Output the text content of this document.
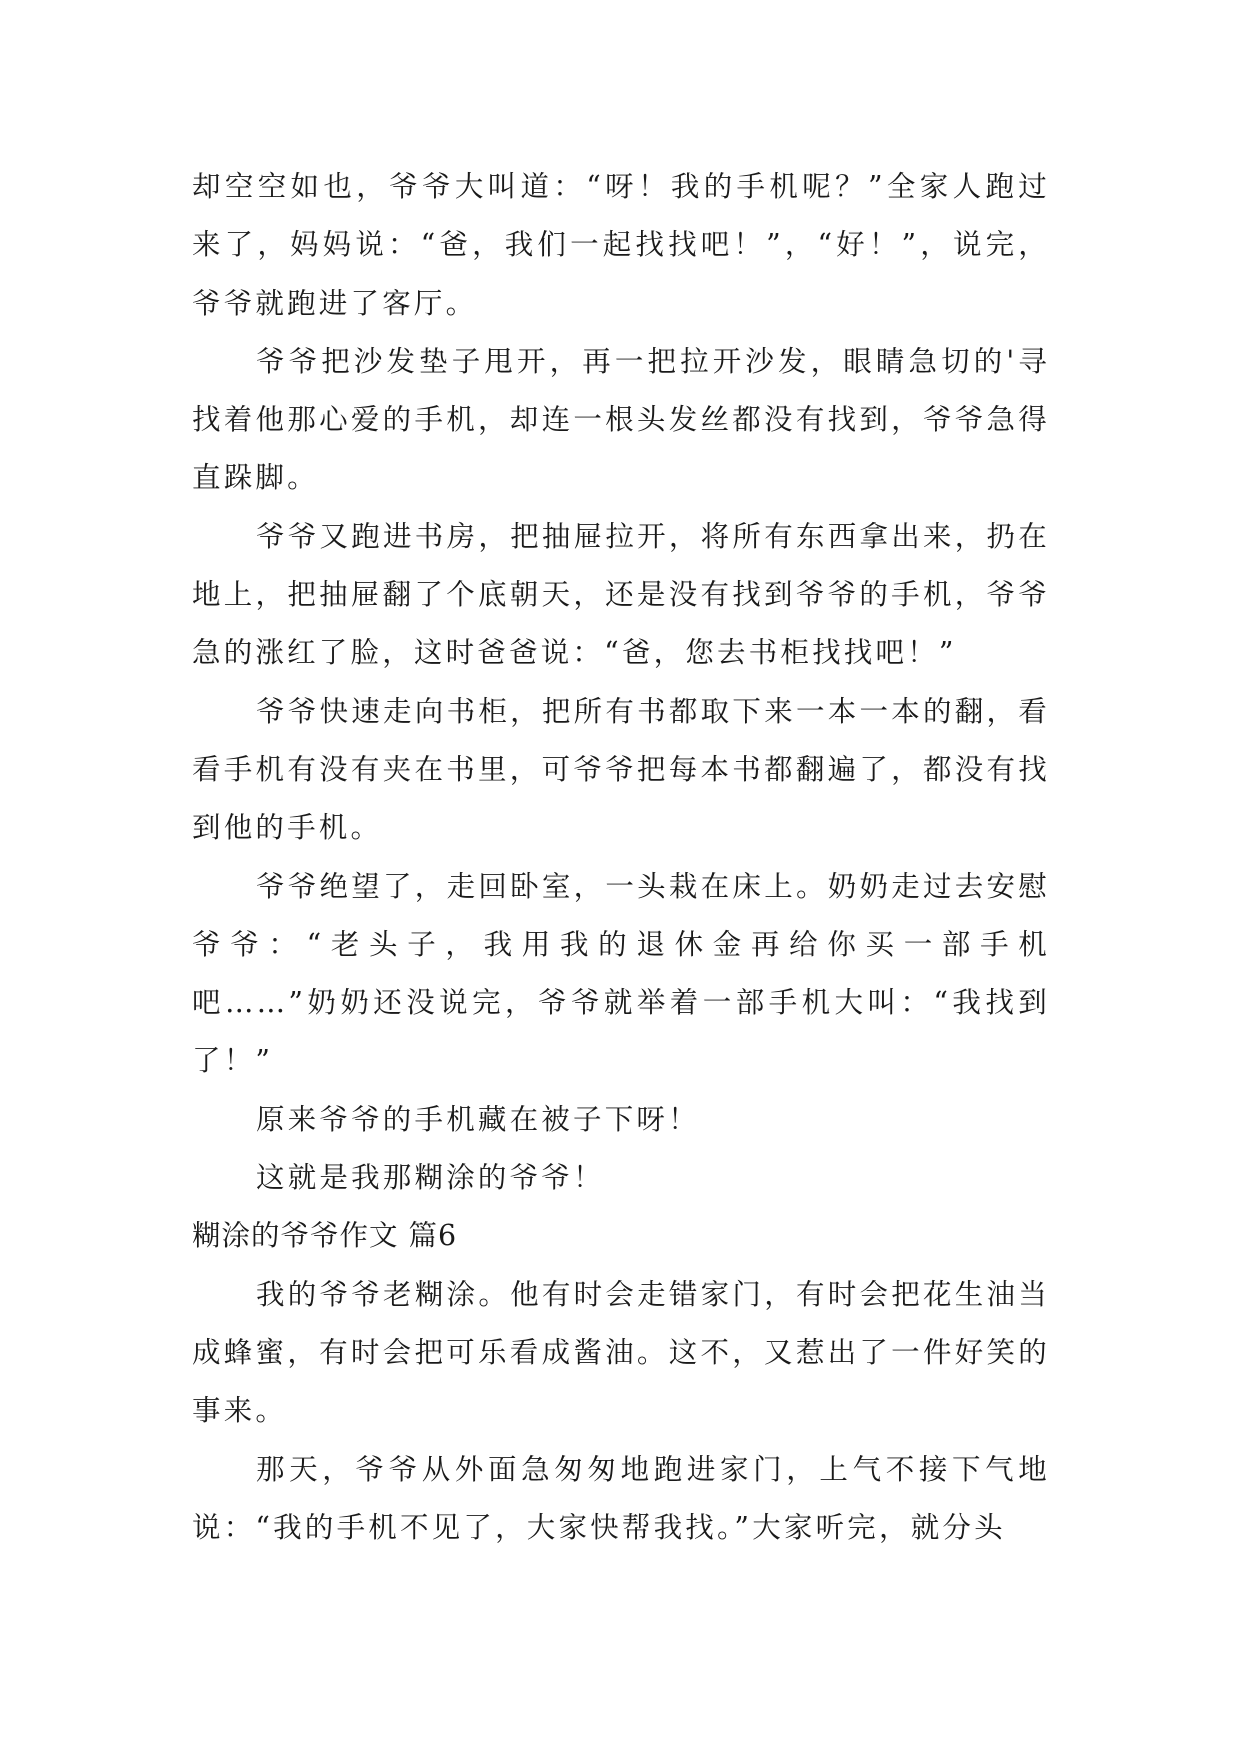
却空空如也，爷爷大叫道：“呀！我的手机呢？”全家人跑过来了，妈妈说：“爸，我们一起找找吧！”，“好！”，说完，爷爷就跑进了客厅。

爷爷把沙发垫子甩开，再一把拉开沙发，眼睛急切的'寻找着他那心爱的手机，却连一根头发丝都没有找到，爷爷急得直跺脚。

爷爷又跑进书房，把抽屉拉开，将所有东西拿出来，扔在地上，把抽屉翻了个底朝天，还是没有找到爷爷的手机，爷爷急的涨红了脸，这时爸爸说：“爸，您去书柜找找吧！”

爷爷快速走向书柜，把所有书都取下来一本一本的翻，看看手机有没有夹在书里，可爷爷把每本书都翻遍了，都没有找到他的手机。

爷爷绝望了，走回卧室，一头栽在床上。奶奶走过去安慰爷爷：“老头子，我用我的退休金再给你买一部手机吧……”奶奶还没说完，爷爷就举着一部手机大叫：“我找到了！”

原来爷爷的手机藏在被子下呀！

这就是我那糊涂的爷爷！

糊涂的爷爷作文 篇6

我的爷爷老糊涂。他有时会走错家门，有时会把花生油当成蜂蜜，有时会把可乐看成酱油。这不，又惹出了一件好笑的事来。

那天，爷爷从外面急匆匆地跑进家门，上气不接下气地说：“我的手机不见了，大家快帮我找。”大家听完，就分头
